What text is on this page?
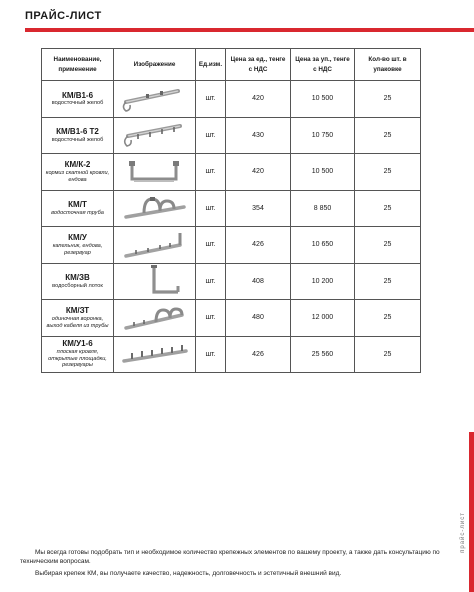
ПРАЙС-ЛИСТ
Наименование, применение	Изображение	Ед.изм.	Цена за ед., тенге с НДС	Цена за уп., тенге с НДС	Кол-во шт. в упаковке

КМ/В1-6
водосточный желоб		шт.	420	10 500	25

КМ/В1-6 Т2
водосточный желоб		шт.	430	10 750	25

КМ/К-2
кормиз скатной кровли, ендова		шт.	420	10 500	25

КМ/Т
водосточная труба		шт.	354	8 850	25

КМ/У
капельник, ендова, резервуар		шт.	426	10 650	25

КМ/ЗВ
водосборный лоток		шт.	408	10 200	25

КМ/ЗТ
одиночная воронка, выход кабеля из трубы		шт.	480	12 000	25

КМ/У1-6
плоская кровля, открытые площадки, резервуары		шт.	426	25 560	25
прайс-лист

Мы всегда готовы подобрать тип и необходимое количество крепежных элементов по вашему проекту, а также дать консультацию по техническим вопросам.

Выбирая крепеж КМ, вы получаете качество, надежность, долговечность и эстетичный внешний вид.
